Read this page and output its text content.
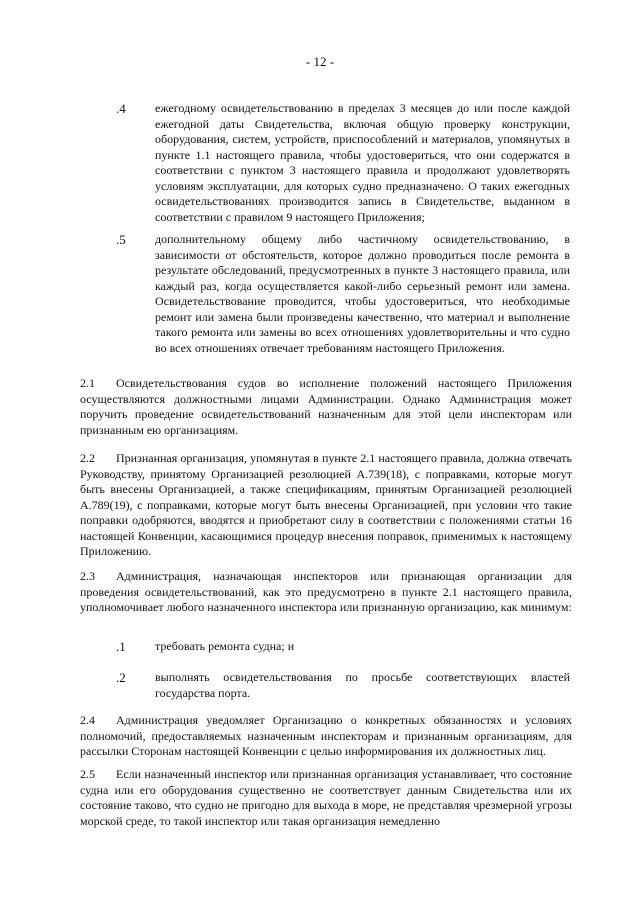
- 12 -
.4 ежегодному освидетельствованию в пределах 3 месяцев до или после каждой ежегодной даты Свидетельства, включая общую проверку конструкции, оборудования, систем, устройств, приспособлений и материалов, упомянутых в пункте 1.1 настоящего правила, чтобы удостовериться, что они содержатся в соответствии с пунктом 3 настоящего правила и продолжают удовлетворять условиям эксплуатации, для которых судно предназначено. О таких ежегодных освидетельствованиях производится запись в Свидетельстве, выданном в соответствии с правилом 9 настоящего Приложения;
.5 дополнительному общему либо частичному освидетельствованию, в зависимости от обстоятельств, которое должно проводиться после ремонта в результате обследований, предусмотренных в пункте 3 настоящего правила, или каждый раз, когда осуществляется какой-либо серьезный ремонт или замена. Освидетельствование проводится, чтобы удостовериться, что необходимые ремонт или замена были произведены качественно, что материал и выполнение такого ремонта или замены во всех отношениях удовлетворительны и что судно во всех отношениях отвечает требованиям настоящего Приложения.
2.1 Освидетельствования судов во исполнение положений настоящего Приложения осуществляются должностными лицами Администрации. Однако Администрация может поручить проведение освидетельствований назначенным для этой цели инспекторам или признанным ею организациям.
2.2 Признанная организация, упомянутая в пункте 2.1 настоящего правила, должна отвечать Руководству, принятому Организацией резолюцией A.739(18), с поправками, которые могут быть внесены Организацией, а также спецификациям, принятым Организацией резолюцией A.789(19), с поправками, которые могут быть внесены Организацией, при условии что такие поправки одобряются, вводятся и приобретают силу в соответствии с положениями статьи 16 настоящей Конвенции, касающимися процедур внесения поправок, применимых к настоящему Приложению.
2.3 Администрация, назначающая инспекторов или признающая организации для проведения освидетельствований, как это предусмотрено в пункте 2.1 настоящего правила, уполномочивает любого назначенного инспектора или признанную организацию, как минимум:
.1 требовать ремонта судна; и
.2 выполнять освидетельствования по просьбе соответствующих властей государства порта.
2.4 Администрация уведомляет Организацию о конкретных обязанностях и условиях полномочий, предоставляемых назначенным инспекторам и признанным организациям, для рассылки Сторонам настоящей Конвенции с целью информирования их должностных лиц.
2.5 Если назначенный инспектор или признанная организация устанавливает, что состояние судна или его оборудования существенно не соответствует данным Свидетельства или их состояние таково, что судно не пригодно для выхода в море, не представляя чрезмерной угрозы морской среде, то такой инспектор или такая организация немедленно
